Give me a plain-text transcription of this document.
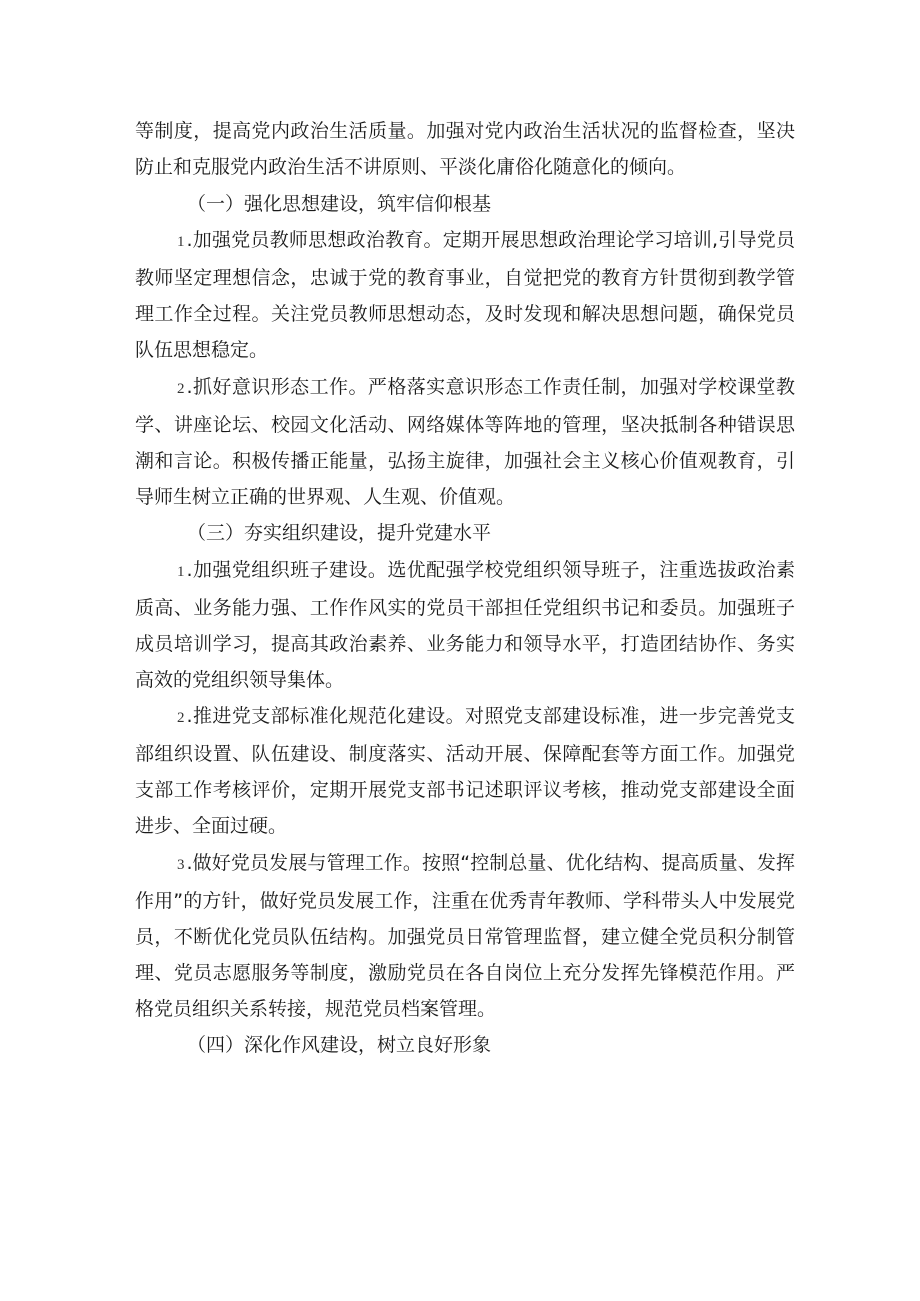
等制度，提高党内政治生活质量。加强对党内政治生活状况的监督检查，坚决防止和克服党内政治生活不讲原则、平淡化庸俗化随意化的倾向。

（一）强化思想建设，筑牢信仰根基

1 .加强党员教师思想政治教育。定期开展思想政治理论学习培训,引导党员教师坚定理想信念，忠诚于党的教育事业，自觉把党的教育方针贯彻到教学管理工作全过程。关注党员教师思想动态，及时发现和解决思想问题，确保党员队伍思想稳定。

2 .抓好意识形态工作。严格落实意识形态工作责任制，加强对学校课堂教学、讲座论坛、校园文化活动、网络媒体等阵地的管理，坚决抵制各种错误思潮和言论。积极传播正能量，弘扬主旋律，加强社会主义核心价值观教育，引导师生树立正确的世界观、人生观、价值观。

（三）夯实组织建设，提升党建水平

1 .加强党组织班子建设。选优配强学校党组织领导班子，注重选拔政治素质高、业务能力强、工作作风实的党员干部担任党组织书记和委员。加强班子成员培训学习，提高其政治素养、业务能力和领导水平，打造团结协作、务实高效的党组织领导集体。

2 .推进党支部标准化规范化建设。对照党支部建设标准，进一步完善党支部组织设置、队伍建设、制度落实、活动开展、保障配套等方面工作。加强党支部工作考核评价，定期开展党支部书记述职评议考核，推动党支部建设全面进步、全面过硬。

3 .做好党员发展与管理工作。按照“控制总量、优化结构、提高质量、发挥作用”的方针，做好党员发展工作，注重在优秀青年教师、学科带头人中发展党员，不断优化党员队伍结构。加强党员日常管理监督，建立健全党员积分制管理、党员志愿服务等制度，激励党员在各自岗位上充分发挥先锋模范作用。严格党员组织关系转接，规范党员档案管理。

（四）深化作风建设，树立良好形象
